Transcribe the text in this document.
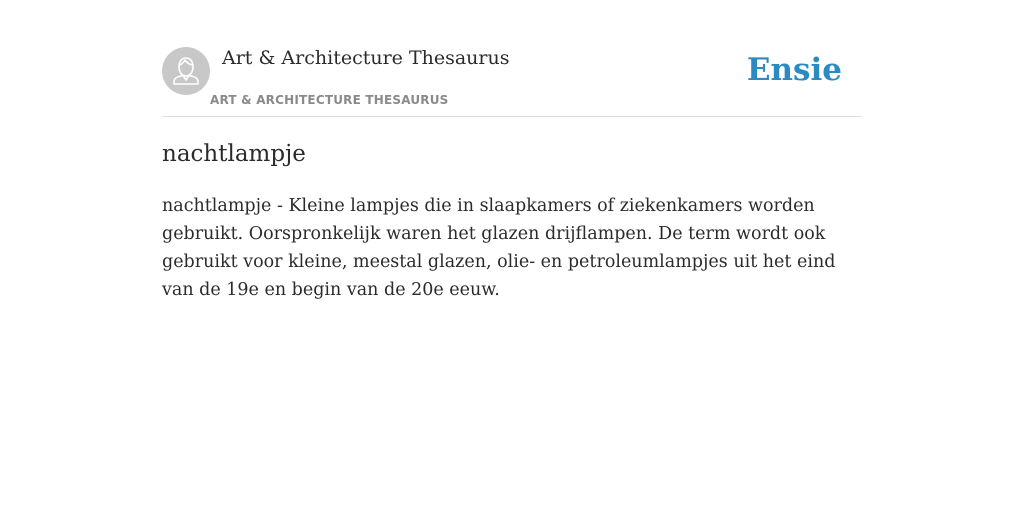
Art & Architecture Thesaurus
ART & ARCHITECTURE THESAURUS
Ensie
nachtlampje

nachtlampje - Kleine lampjes die in slaapkamers of ziekenkamers worden gebruikt. Oorspronkelijk waren het glazen drijflampen. De term wordt ook gebruikt voor kleine, meestal glazen, olie- en petroleumlampjes uit het eind van de 19e en begin van de 20e eeuw.
